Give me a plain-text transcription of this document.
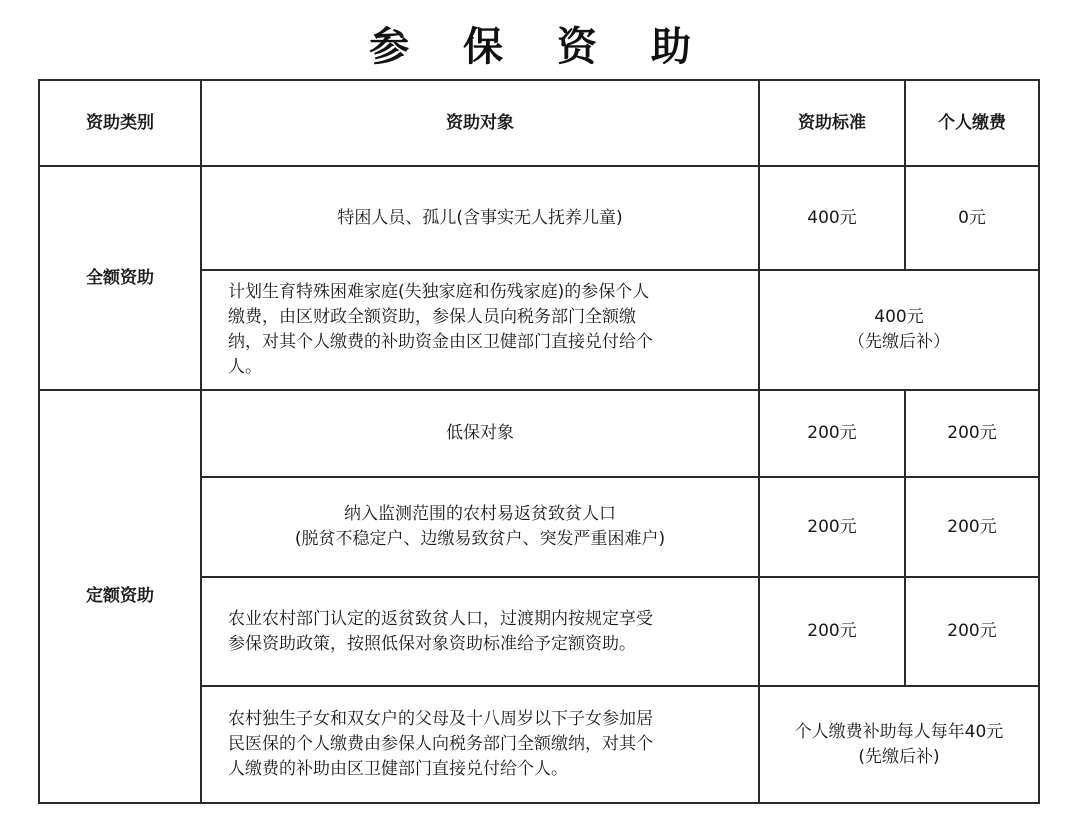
参 保 资 助
资助类别	资助对象	资助标准	个人缴费
全额资助	特困人员、孤儿(含事实无人抚养儿童)	400元	0元

	计划生育特殊困难家庭(失独家庭和伤残家庭)的参保个人
缴费，由区财政全额资助，参保人员向税务部门全额缴
纳，对其个人缴费的补助资金由区卫健部门直接兑付给个
人。	400元
（先缴后补）	

定额资助	低保对象	200元	200元

	纳入监测范围的农村易返贫致贫人口
(脱贫不稳定户、边缴易致贫户、突发严重困难户)	200元	200元

	农业农村部门认定的返贫致贫人口，过渡期内按规定享受
参保资助政策，按照低保对象资助标准给予定额资助。	200元	200元

	农村独生子女和双女户的父母及十八周岁以下子女参加居
民医保的个人缴费由参保人向税务部门全额缴纳，对其个
人缴费的补助由区卫健部门直接兑付给个人。	个人缴费补助每人每年40元
(先缴后补)	
